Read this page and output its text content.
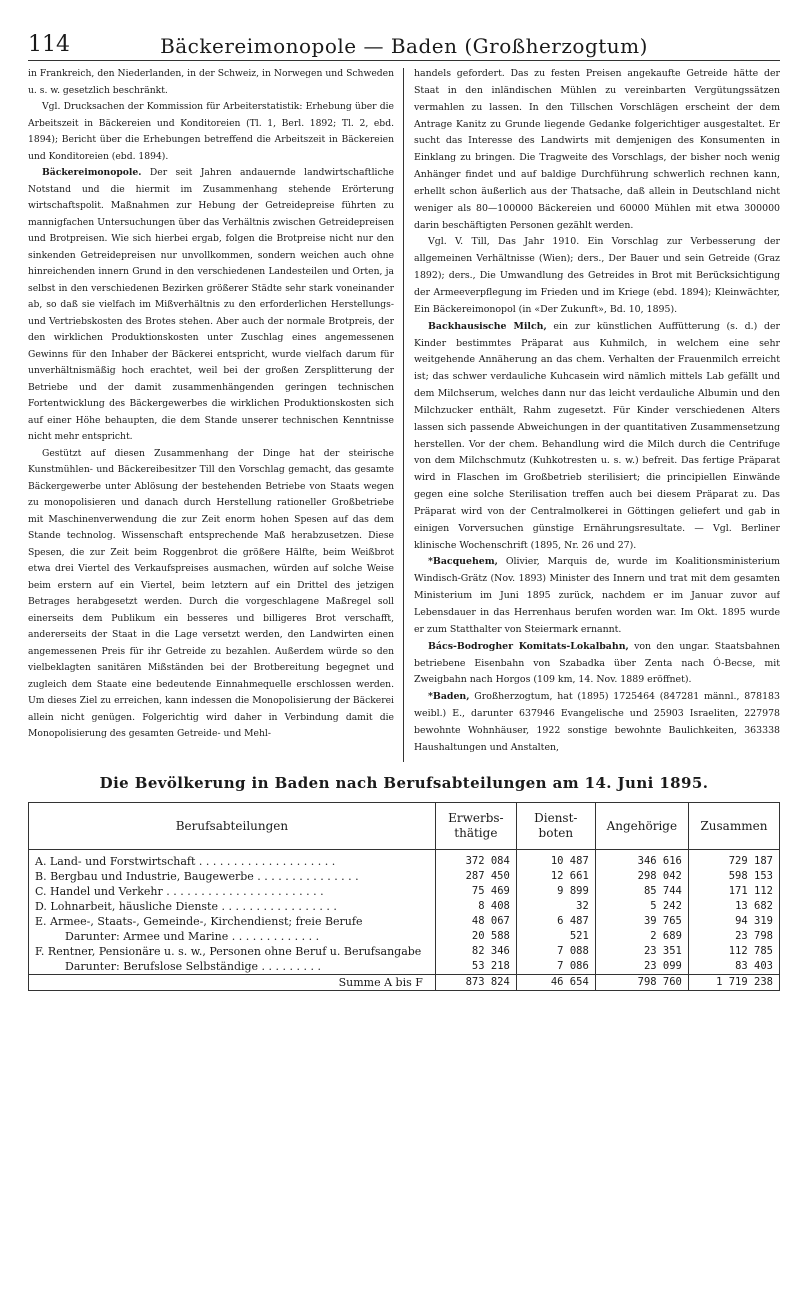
114	Bäckereimonopole — Baden (Großherzogtum)

in Frankreich, den Niederlanden, in der Schweiz, in Norwegen und Schweden u. s. w. gesetzlich beschränkt.

Vgl. Drucksachen der Kommission für Arbeiterstatistik: Erhebung über die Arbeitszeit in Bäckereien und Konditoreien (Tl. 1, Berl. 1892; Tl. 2, ebd. 1894); Bericht über die Erhebungen betreffend die Arbeitszeit in Bäckereien und Konditoreien (ebd. 1894).

Bäckereimonopole. Der seit Jahren andauernde landwirtschaftliche Notstand und die hiermit im Zusammenhang stehende Erörterung wirtschaftspolit. Maßnahmen zur Hebung der Getreidepreise führten zu mannigfachen Untersuchungen über das Verhältnis zwischen Getreidepreisen und Brotpreisen. Wie sich hierbei ergab, folgen die Brotpreise nicht nur den sinkenden Getreidepreisen nur unvollkommen, sondern weichen auch ohne hinreichenden innern Grund in den verschiedenen Landesteilen und Orten, ja selbst in den verschiedenen Bezirken größerer Städte sehr stark voneinander ab, so daß sie vielfach im Mißverhältnis zu den erforderlichen Herstellungs- und Vertriebskosten des Brotes stehen. Aber auch der normale Brotpreis, der den wirklichen Produktionskosten unter Zuschlag eines angemessenen Gewinns für den Inhaber der Bäckerei entspricht, wurde vielfach darum für unverhältnismäßig hoch erachtet, weil bei der großen Zersplitterung der Betriebe und der damit zusammenhängenden geringen technischen Fortentwicklung des Bäckergewerbes die wirklichen Produktionskosten sich auf einer Höhe behaupten, die dem Stande unserer technischen Kenntnisse nicht mehr entspricht.

Gestützt auf diesen Zusammenhang der Dinge hat der steirische Kunstmühlen- und Bäckereibesitzer Till den Vorschlag gemacht, das gesamte Bäckergewerbe unter Ablösung der bestehenden Betriebe von Staats wegen zu monopolisieren und danach durch Herstellung rationeller Großbetriebe mit Maschinenverwendung die zur Zeit enorm hohen Spesen auf das dem Stande technolog. Wissenschaft entsprechende Maß herabzusetzen. Diese Spesen, die zur Zeit beim Roggenbrot die größere Hälfte, beim Weißbrot etwa drei Viertel des Verkaufspreises ausmachen, würden auf solche Weise beim erstern auf ein Viertel, beim letztern auf ein Drittel des jetzigen Betrages herabgesetzt werden. Durch die vorgeschlagene Maßregel soll einerseits dem Publikum ein besseres und billigeres Brot verschafft, andererseits der Staat in die Lage versetzt werden, den Landwirten einen angemessenen Preis für ihr Getreide zu bezahlen. Außerdem würde so den vielbeklagten sanitären Mißständen bei der Brotbereitung begegnet und zugleich dem Staate eine bedeutende Einnahmequelle erschlossen werden. Um dieses Ziel zu erreichen, kann indessen die Monopolisierung der Bäckerei allein nicht genügen. Folgerichtig wird daher in Verbindung damit die Monopolisierung des gesamten Getreide- und Mehl-

handels gefordert. Das zu festen Preisen angekaufte Getreide hätte der Staat in den inländischen Mühlen zu vereinbarten Vergütungssätzen vermahlen zu lassen. In den Tillschen Vorschlägen erscheint der dem Antrage Kanitz zu Grunde liegende Gedanke folgerichtiger ausgestaltet. Er sucht das Interesse des Landwirts mit demjenigen des Konsumenten in Einklang zu bringen. Die Tragweite des Vorschlags, der bisher noch wenig Anhänger findet und auf baldige Durchführung schwerlich rechnen kann, erhellt schon äußerlich aus der Thatsache, daß allein in Deutschland nicht weniger als 80—100000 Bäckereien und 60000 Mühlen mit etwa 300000 darin beschäftigten Personen gezählt werden.

Vgl. V. Till, Das Jahr 1910. Ein Vorschlag zur Verbesserung der allgemeinen Verhältnisse (Wien); ders., Der Bauer und sein Getreide (Graz 1892); ders., Die Umwandlung des Getreides in Brot mit Berücksichtigung der Armeeverpflegung im Frieden und im Kriege (ebd. 1894); Kleinwächter, Ein Bäckereimonopol (in «Der Zukunft», Bd. 10, 1895).

Backhausische Milch, ein zur künstlichen Auffütterung (s. d.) der Kinder bestimmtes Präparat aus Kuhmilch, in welchem eine sehr weitgehende Annäherung an das chem. Verhalten der Frauenmilch erreicht ist; das schwer verdauliche Kuhcasein wird nämlich mittels Lab gefällt und dem Milchserum, welches dann nur das leicht verdauliche Albumin und den Milchzucker enthält, Rahm zugesetzt. Für Kinder verschiedenen Alters lassen sich passende Abweichungen in der quantitativen Zusammensetzung herstellen. Vor der chem. Behandlung wird die Milch durch die Centrifuge von dem Milchschmutz (Kuhkotresten u. s. w.) befreit. Das fertige Präparat wird in Flaschen im Großbetrieb sterilisiert; die principiellen Einwände gegen eine solche Sterilisation treffen auch bei diesem Präparat zu. Das Präparat wird von der Centralmolkerei in Göttingen geliefert und gab in einigen Vorversuchen günstige Ernährungsresultate. — Vgl. Berliner klinische Wochenschrift (1895, Nr. 26 und 27).

*Bacquehem, Olivier, Marquis de, wurde im Koalitionsministerium Windisch-Grätz (Nov. 1893) Minister des Innern und trat mit dem gesamten Ministerium im Juni 1895 zurück, nachdem er im Januar zuvor auf Lebensdauer in das Herrenhaus berufen worden war. Im Okt. 1895 wurde er zum Statthalter von Steiermark ernannt.

Bács-Bodrogher Komitats-Lokalbahn, von den ungar. Staatsbahnen betriebene Eisenbahn von Szabadka über Zenta nach Ó-Becse, mit Zweigbahn nach Horgos (109 km, 14. Nov. 1889 eröffnet).

*Baden, Großherzogtum, hat (1895) 1725464 (847281 männl., 878183 weibl.) E., darunter 637946 Evangelische und 25903 Israeliten, 227978 bewohnte Wohnhäuser, 1922 sonstige bewohnte Baulichkeiten, 363338 Haushaltungen und Anstalten,

Die Bevölkerung in Baden nach Berufsabteilungen am 14. Juni 1895.
Berufsabteilungen	Erwerbs-thätige	Dienst-boten	Angehörige	Zusammen
A. Land- und Forstwirtschaft . . . . . . . . . . . . . . . . . . . .	372 084	10 487	346 616	729 187
B. Bergbau und Industrie, Baugewerbe . . . . . . . . . . . . . . .	287 450	12 661	298 042	598 153
C. Handel und Verkehr . . . . . . . . . . . . . . . . . . . . . . .	75 469	9 899	85 744	171 112
D. Lohnarbeit, häusliche Dienste . . . . . . . . . . . . . . . . .	8 408	32	5 242	13 682
E. Armee-, Staats-, Gemeinde-, Kirchendienst; freie Berufe	48 067	6 487	39 765	94 319
Darunter: Armee und Marine . . . . . . . . . . . . .	20 588	521	2 689	23 798
F. Rentner, Pensionäre u. s. w., Personen ohne Beruf u. Berufsangabe	82 346	7 088	23 351	112 785
Darunter: Berufslose Selbständige . . . . . . . . .	53 218	7 086	23 099	83 403
Summe A bis F	873 824	46 654	798 760	1 719 238
